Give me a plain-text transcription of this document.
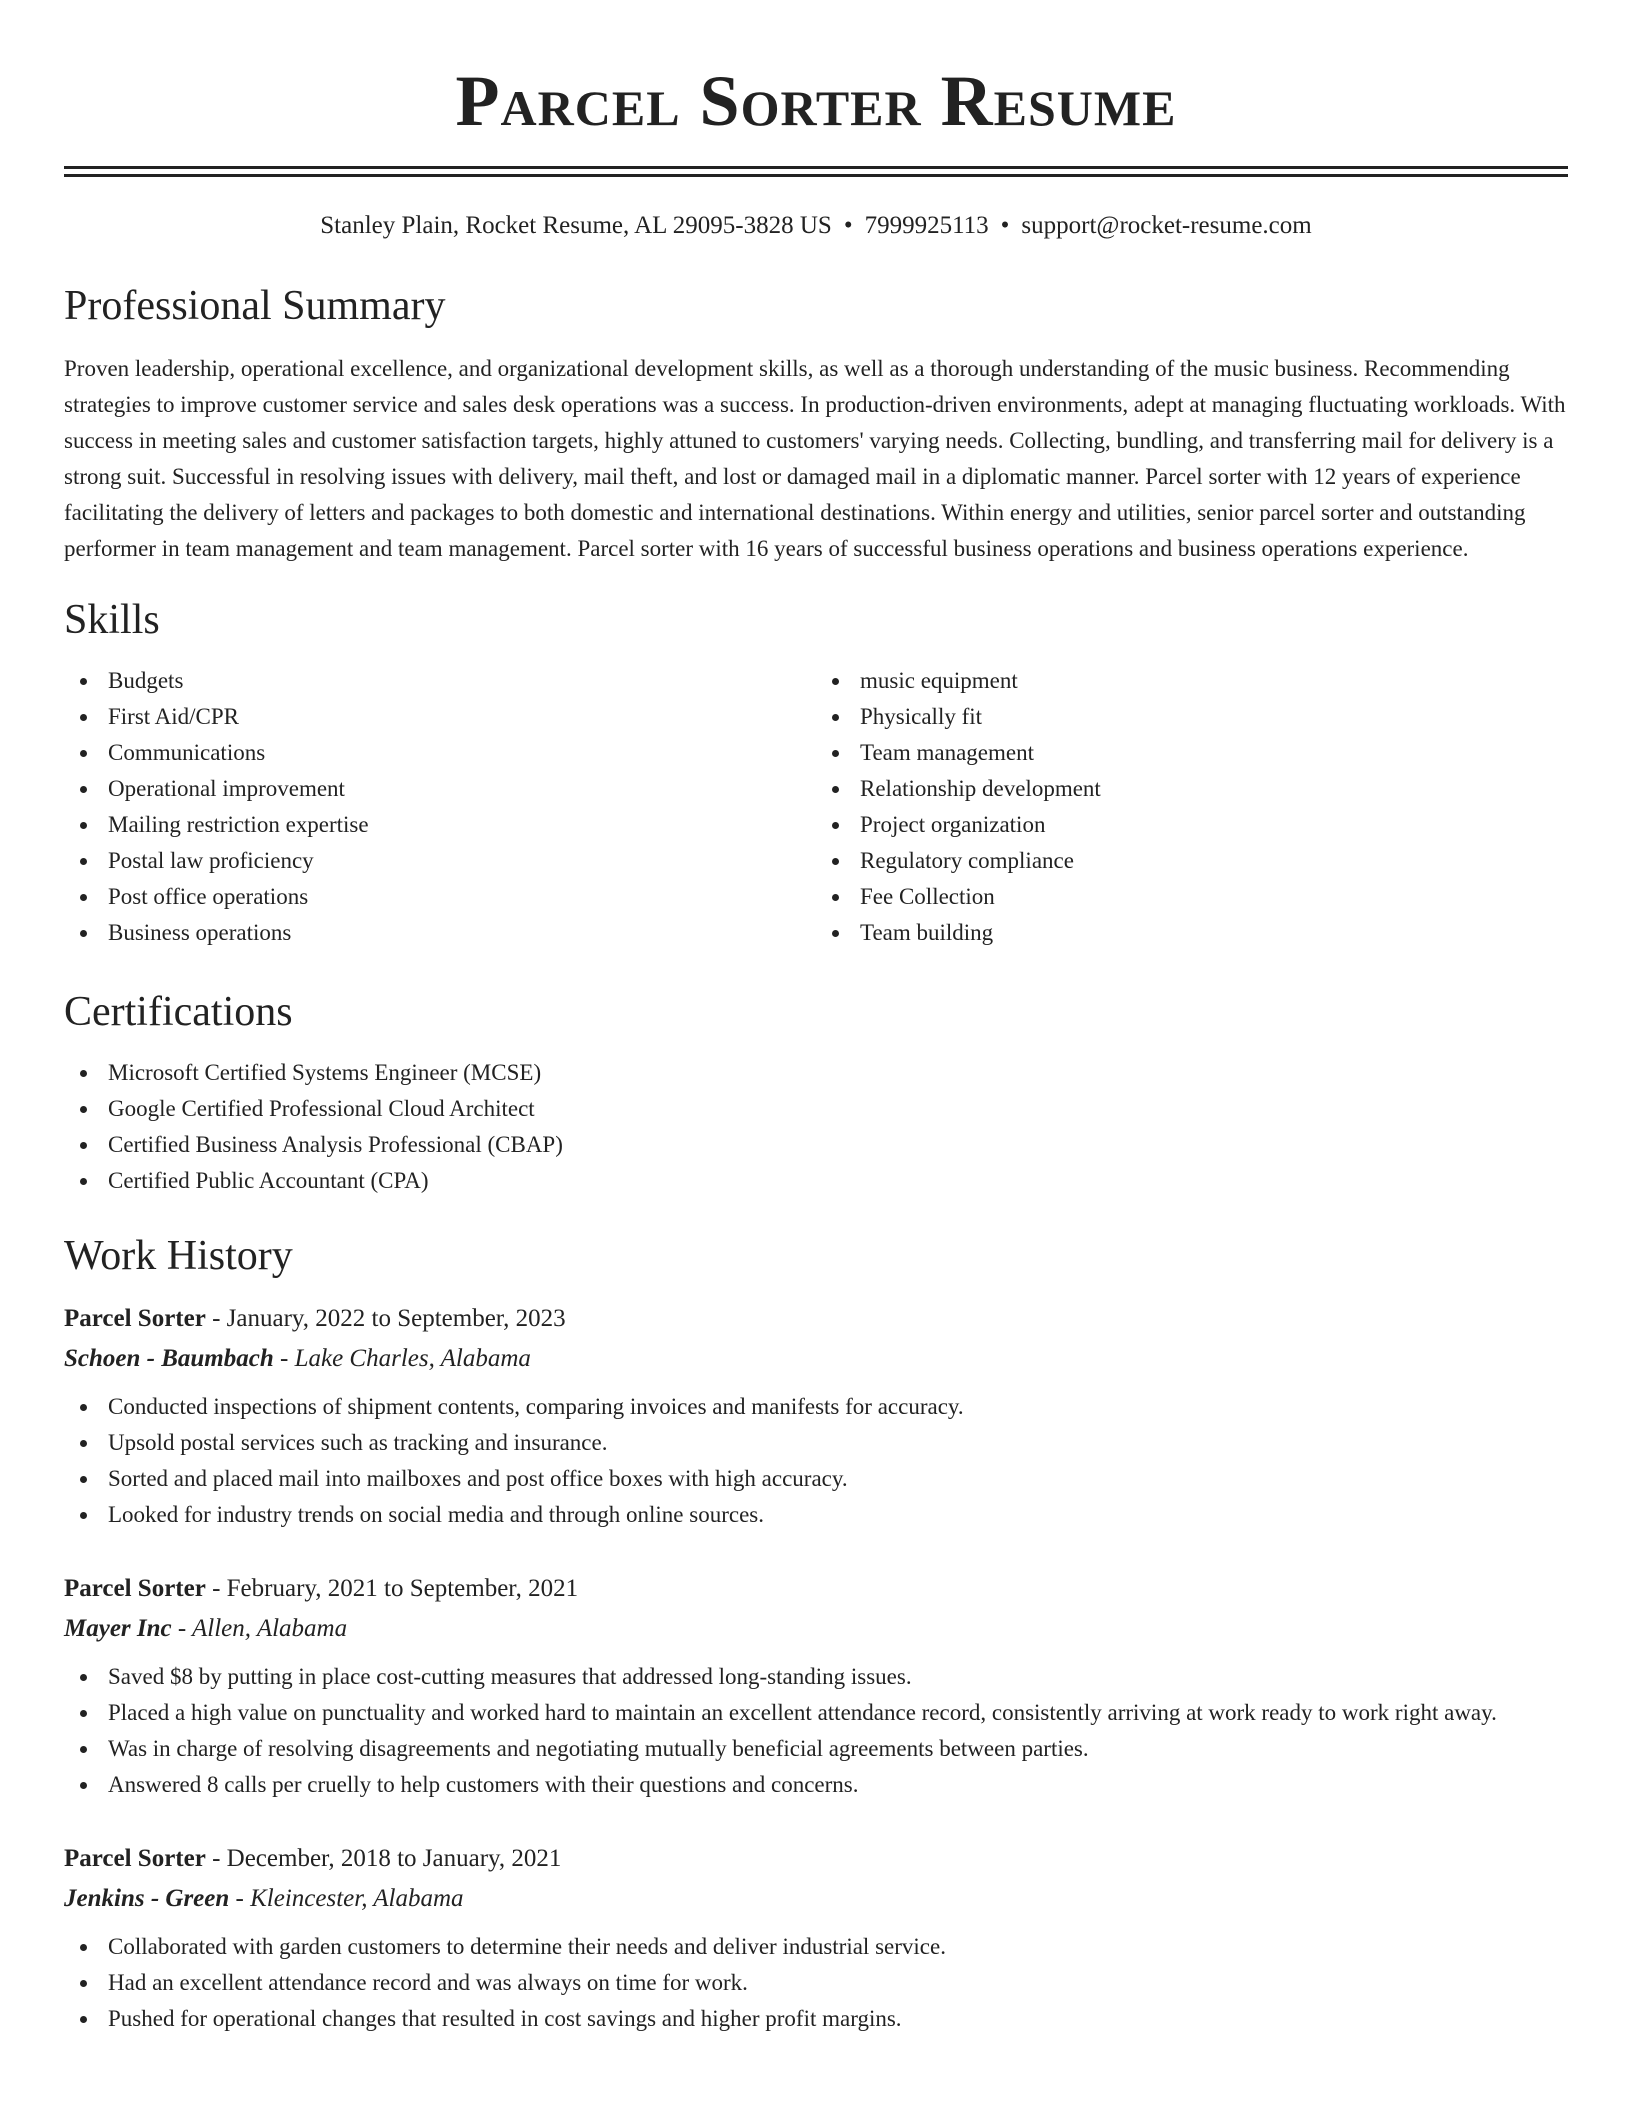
Parcel Sorter Resume
Stanley Plain, Rocket Resume, AL 29095-3828 US • 7999925113 • support@rocket-resume.com
Professional Summary

Proven leadership, operational excellence, and organizational development skills, as well as a thorough understanding of the music business. Recommending strategies to improve customer service and sales desk operations was a success. In production-driven environments, adept at managing fluctuating workloads. With success in meeting sales and customer satisfaction targets, highly attuned to customers' varying needs. Collecting, bundling, and transferring mail for delivery is a strong suit. Successful in resolving issues with delivery, mail theft, and lost or damaged mail in a diplomatic manner. Parcel sorter with 12 years of experience facilitating the delivery of letters and packages to both domestic and international destinations. Within energy and utilities, senior parcel sorter and outstanding performer in team management and team management. Parcel sorter with 16 years of successful business operations and business operations experience.

Skills
Budgets
First Aid/CPR
Communications
Operational improvement
Mailing restriction expertise
Postal law proficiency
Post office operations
Business operations
music equipment
Physically fit
Team management
Relationship development
Project organization
Regulatory compliance
Fee Collection
Team building
Certifications
Microsoft Certified Systems Engineer (MCSE)
Google Certified Professional Cloud Architect
Certified Business Analysis Professional (CBAP)
Certified Public Accountant (CPA)
Work History
Parcel Sorter - January, 2022 to September, 2023
Schoen - Baumbach - Lake Charles, Alabama
Conducted inspections of shipment contents, comparing invoices and manifests for accuracy.
Upsold postal services such as tracking and insurance.
Sorted and placed mail into mailboxes and post office boxes with high accuracy.
Looked for industry trends on social media and through online sources.
Parcel Sorter - February, 2021 to September, 2021
Mayer Inc - Allen, Alabama
Saved $8 by putting in place cost-cutting measures that addressed long-standing issues.
Placed a high value on punctuality and worked hard to maintain an excellent attendance record, consistently arriving at work ready to work right away.
Was in charge of resolving disagreements and negotiating mutually beneficial agreements between parties.
Answered 8 calls per cruelly to help customers with their questions and concerns.
Parcel Sorter - December, 2018 to January, 2021
Jenkins - Green - Kleincester, Alabama
Collaborated with garden customers to determine their needs and deliver industrial service.
Had an excellent attendance record and was always on time for work.
Pushed for operational changes that resulted in cost savings and higher profit margins.
